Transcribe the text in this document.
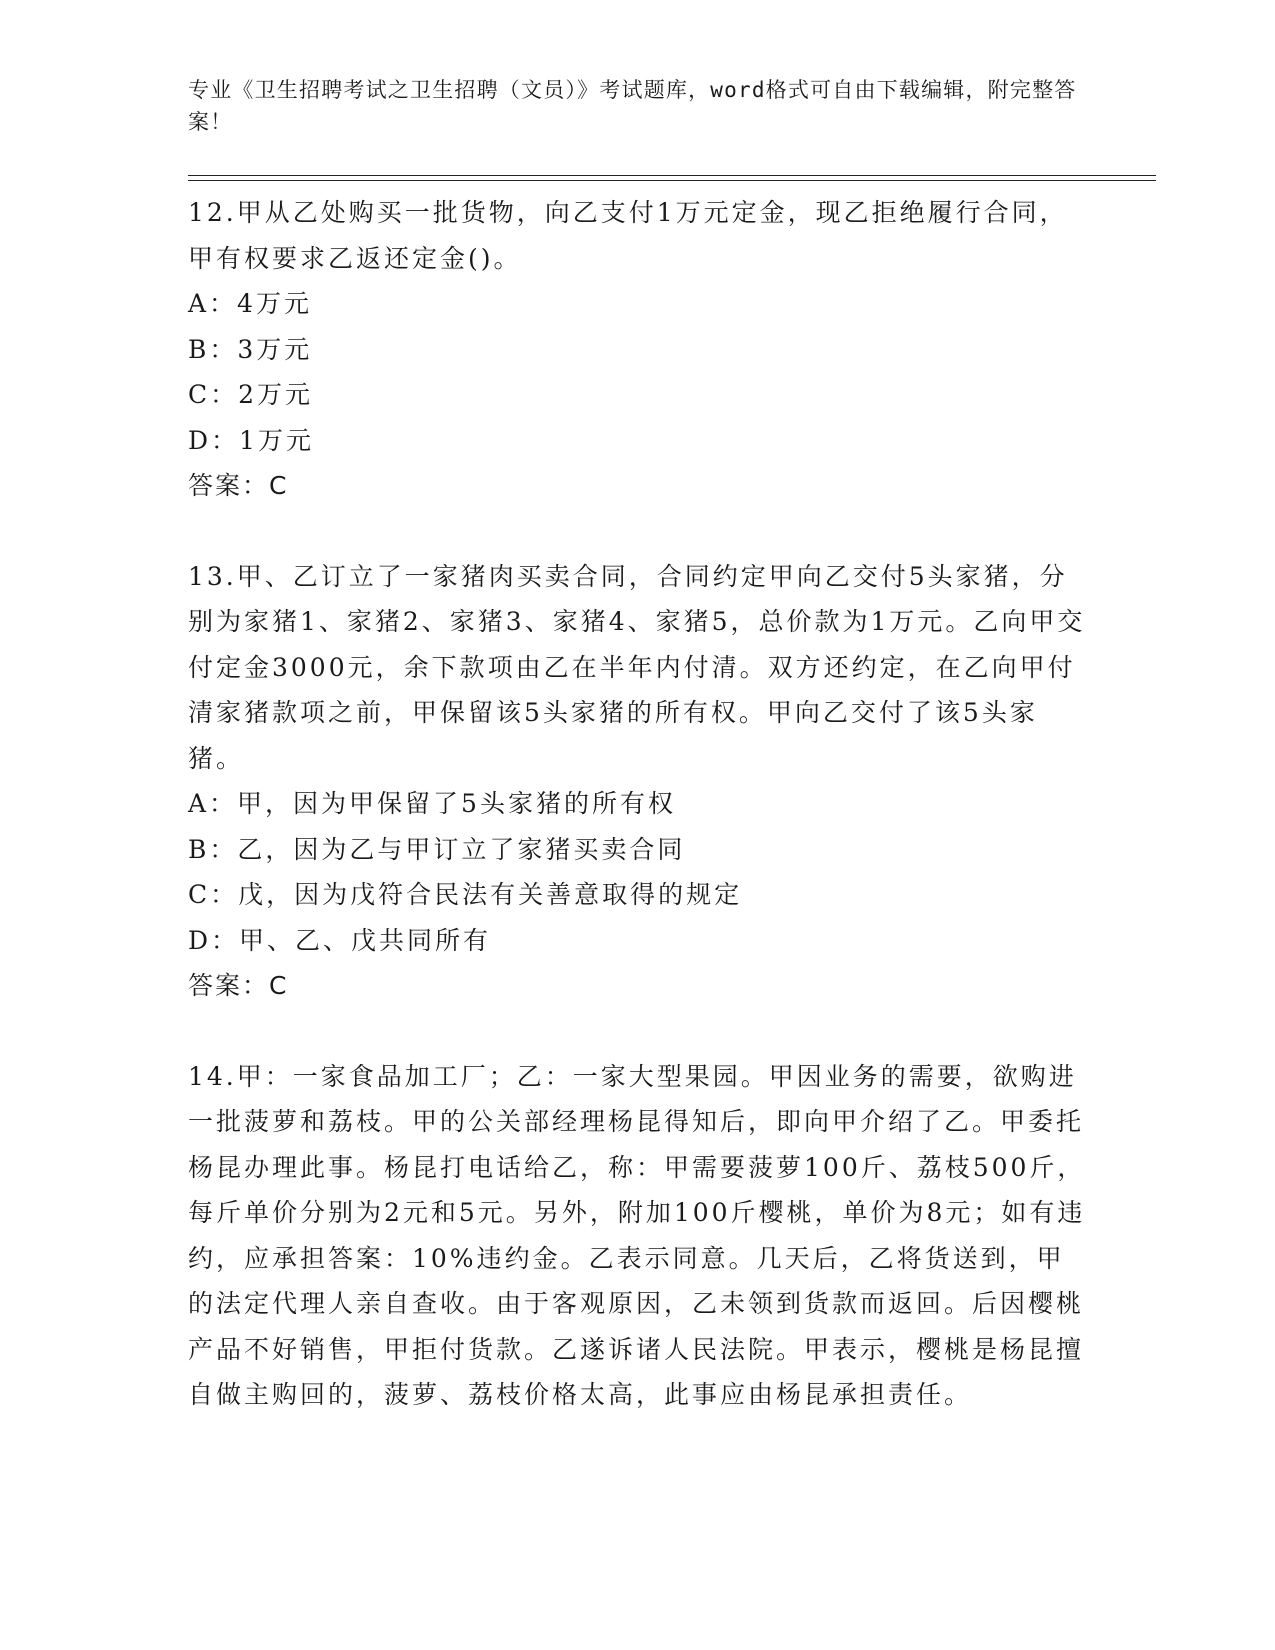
专业《卫生招聘考试之卫生招聘（文员）》考试题库，word格式可自由下载编辑，附完整答案！

12.甲从乙处购买一批货物，向乙支付1万元定金，现乙拒绝履行合同，甲有权要求乙返还定金()。

A：4万元

B：3万元

C：2万元

D：1万元

答案：C

13.甲、乙订立了一家猪肉买卖合同，合同约定甲向乙交付5头家猪，分别为家猪1、家猪2、家猪3、家猪4、家猪5，总价款为1万元。乙向甲交付定金3000元，余下款项由乙在半年内付清。双方还约定，在乙向甲付清家猪款项之前，甲保留该5头家猪的所有权。甲向乙交付了该5头家猪。

A：甲，因为甲保留了5头家猪的所有权

B：乙，因为乙与甲订立了家猪买卖合同

C：戊，因为戊符合民法有关善意取得的规定

D：甲、乙、戊共同所有

答案：C

14.甲：一家食品加工厂；乙：一家大型果园。甲因业务的需要，欲购进一批菠萝和荔枝。甲的公关部经理杨昆得知后，即向甲介绍了乙。甲委托杨昆办理此事。杨昆打电话给乙，称：甲需要菠萝100斤、荔枝500斤，每斤单价分别为2元和5元。另外，附加100斤樱桃，单价为8元；如有违约，应承担答案：10%违约金。乙表示同意。几天后，乙将货送到，甲的法定代理人亲自查收。由于客观原因，乙未领到货款而返回。后因樱桃产品不好销售，甲拒付货款。乙遂诉诸人民法院。甲表示，樱桃是杨昆擅自做主购回的，菠萝、荔枝价格太高，此事应由杨昆承担责任。
